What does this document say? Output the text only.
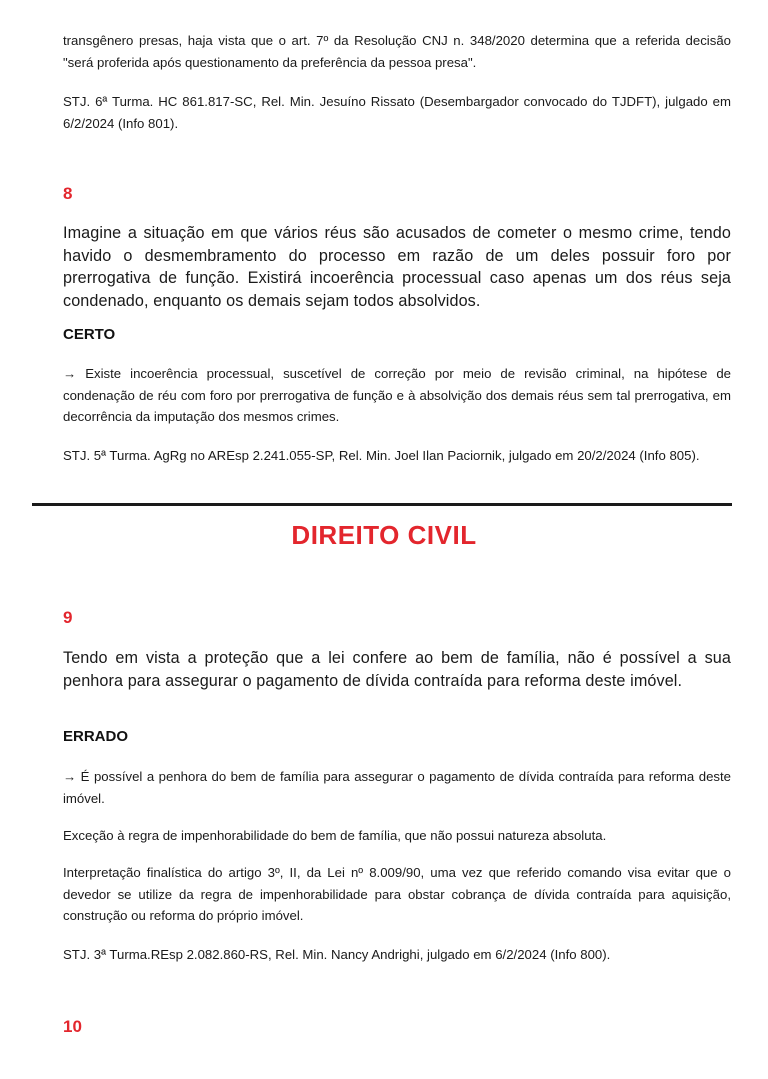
transgênero presas, haja vista que o art. 7º da Resolução CNJ n. 348/2020 determina que a referida decisão "será proferida após questionamento da preferência da pessoa presa".

STJ. 6ª Turma. HC 861.817-SC, Rel. Min. Jesuíno Rissato (Desembargador convocado do TJDFT), julgado em 6/2/2024 (Info 801).

8

Imagine a situação em que vários réus são acusados de cometer o mesmo crime, tendo havido o desmembramento do processo em razão de um deles possuir foro por prerrogativa de função. Existirá incoerência processual caso apenas um dos réus seja condenado, enquanto os demais sejam todos absolvidos.

CERTO

→ Existe incoerência processual, suscetível de correção por meio de revisão criminal, na hipótese de condenação de réu com foro por prerrogativa de função e à absolvição dos demais réus sem tal prerrogativa, em decorrência da imputação dos mesmos crimes.

STJ. 5ª Turma. AgRg no AREsp 2.241.055-SP, Rel. Min. Joel Ilan Paciornik, julgado em 20/2/2024 (Info 805).

DIREITO CIVIL

9

Tendo em vista a proteção que a lei confere ao bem de família, não é possível a sua penhora para assegurar o pagamento de dívida contraída para reforma deste imóvel.

ERRADO

→ É possível a penhora do bem de família para assegurar o pagamento de dívida contraída para reforma deste imóvel.

Exceção à regra de impenhorabilidade do bem de família, que não possui natureza absoluta.

Interpretação finalística do artigo 3º, II, da Lei nº 8.009/90, uma vez que referido comando visa evitar que o devedor se utilize da regra de impenhorabilidade para obstar cobrança de dívida contraída para aquisição, construção ou reforma do próprio imóvel.

STJ. 3ª Turma.REsp 2.082.860-RS, Rel. Min. Nancy Andrighi, julgado em 6/2/2024 (Info 800).

10
